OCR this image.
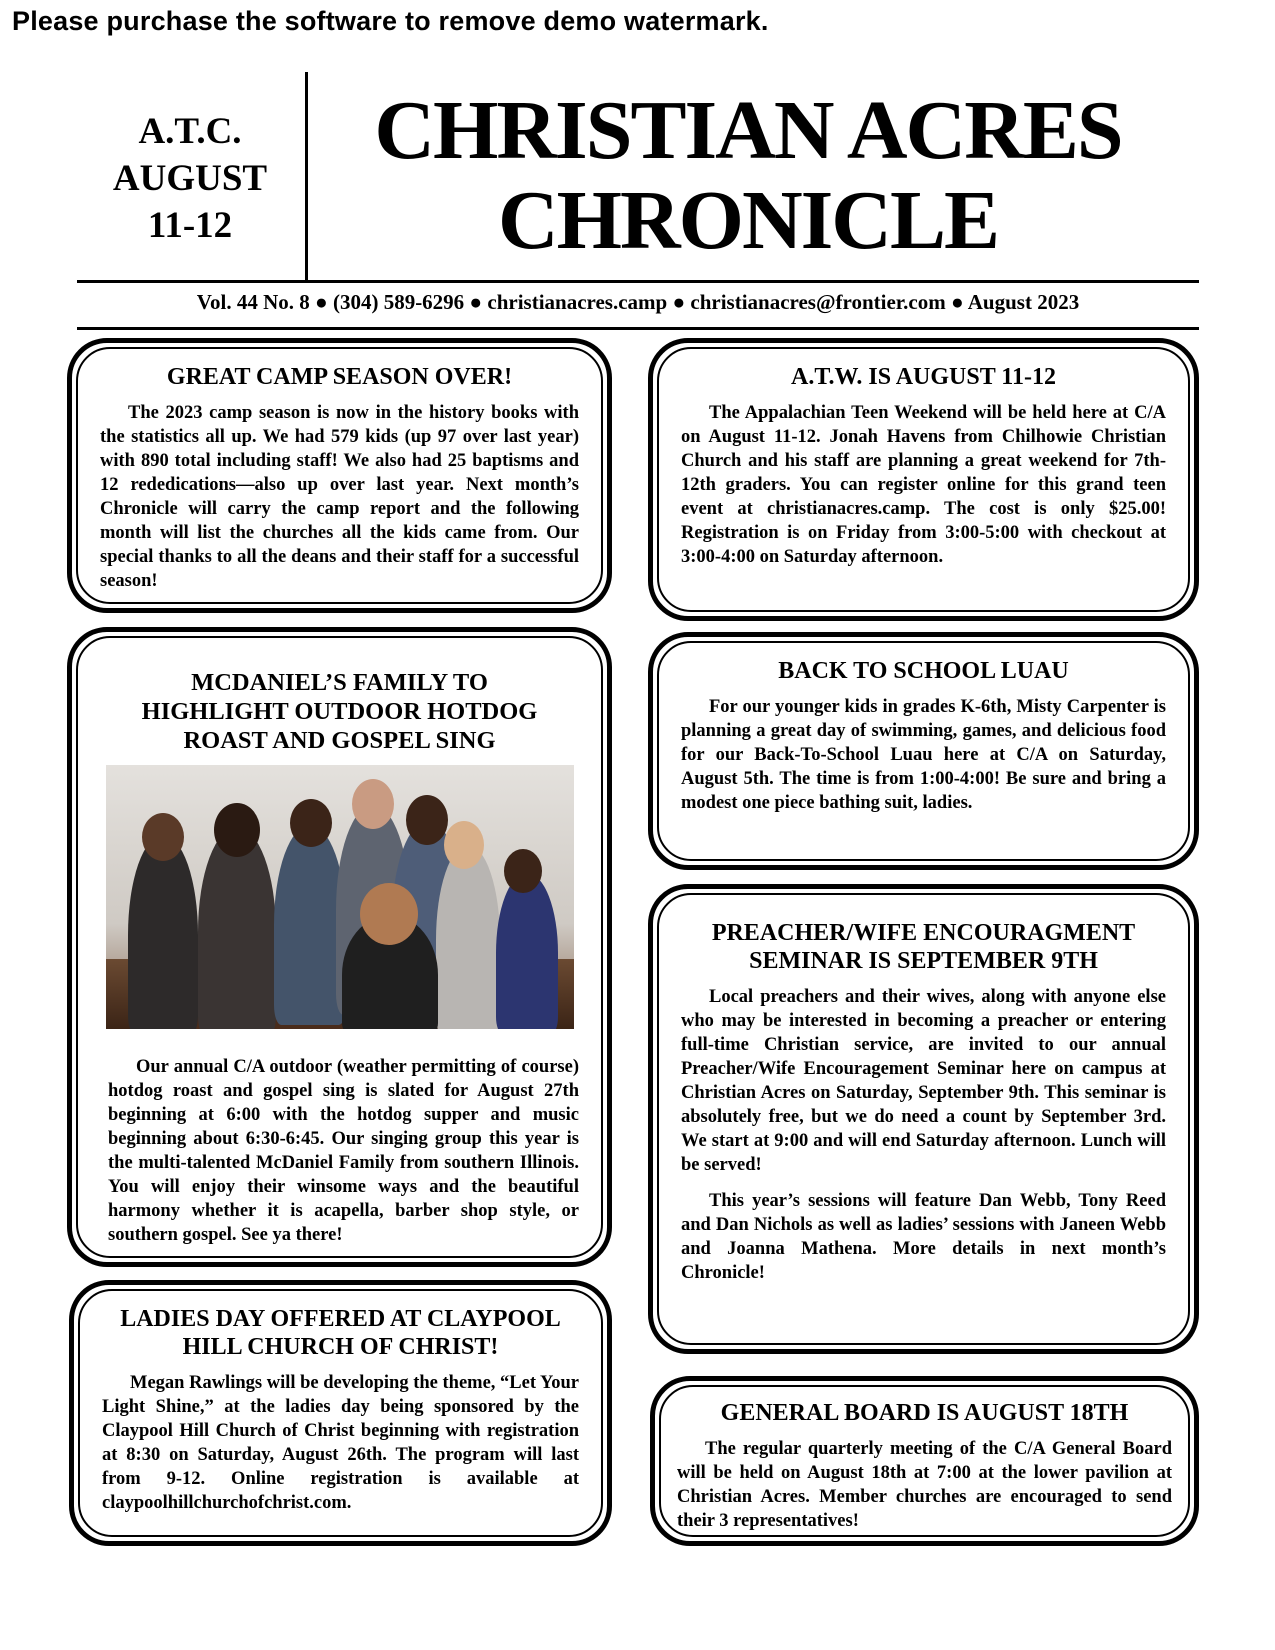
Please purchase the software to remove demo watermark.
A.T.C.
AUGUST
11-12
CHRISTIAN ACRES
CHRONICLE
Vol. 44 No. 8 ● (304) 589-6296 ● christianacres.camp ● christianacres@frontier.com ● August 2023
GREAT CAMP SEASON OVER!

The 2023 camp season is now in the history books with the statistics all up. We had 579 kids (up 97 over last year) with 890 total including staff! We also had 25 baptisms and 12 rededications—also up over last year. Next month’s Chronicle will carry the camp report and the following month will list the churches all the kids came from. Our special thanks to all the deans and their staff for a successful season!

MCDANIEL’S FAMILY TO
HIGHLIGHT OUTDOOR HOTDOG
ROAST AND GOSPEL SING

Our annual C/A outdoor (weather permitting of course) hotdog roast and gospel sing is slated for August 27th beginning at 6:00 with the hotdog supper and music beginning about 6:30-6:45. Our singing group this year is the multi-talented McDaniel Family from southern Illinois. You will enjoy their winsome ways and the beautiful harmony whether it is acapella, barber shop style, or southern gospel. See ya there!

LADIES DAY OFFERED AT CLAYPOOL
HILL CHURCH OF CHRIST!

Megan Rawlings will be developing the theme, “Let Your Light Shine,” at the ladies day being sponsored by the Claypool Hill Church of Christ beginning with registration at 8:30 on Saturday, August 26th. The program will last from 9-12. Online registration is available at claypoolhillchurchofchrist.com.

A.T.W. IS AUGUST 11-12

The Appalachian Teen Weekend will be held here at C/A on August 11-12. Jonah Havens from Chilhowie Christian Church and his staff are planning a great weekend for 7th-12th graders. You can register online for this grand teen event at christianacres.camp. The cost is only $25.00! Registration is on Friday from 3:00-5:00 with checkout at 3:00-4:00 on Saturday afternoon.

BACK TO SCHOOL LUAU

For our younger kids in grades K-6th, Misty Carpenter is planning a great day of swimming, games, and delicious food for our Back-To-School Luau here at C/A on Saturday, August 5th. The time is from 1:00-4:00! Be sure and bring a modest one piece bathing suit, ladies.

PREACHER/WIFE ENCOURAGMENT
SEMINAR IS SEPTEMBER 9TH

Local preachers and their wives, along with anyone else who may be interested in becoming a preacher or entering full-time Christian service, are invited to our annual Preacher/Wife Encouragement Seminar here on campus at Christian Acres on Saturday, September 9th. This seminar is absolutely free, but we do need a count by September 3rd. We start at 9:00 and will end Saturday afternoon. Lunch will be served!

This year’s sessions will feature Dan Webb, Tony Reed and Dan Nichols as well as ladies’ sessions with Janeen Webb and Joanna Mathena. More details in next month’s Chronicle!

GENERAL BOARD IS AUGUST 18TH

The regular quarterly meeting of the C/A General Board will be held on August 18th at 7:00 at the lower pavilion at Christian Acres. Member churches are encouraged to send their 3 representatives!
